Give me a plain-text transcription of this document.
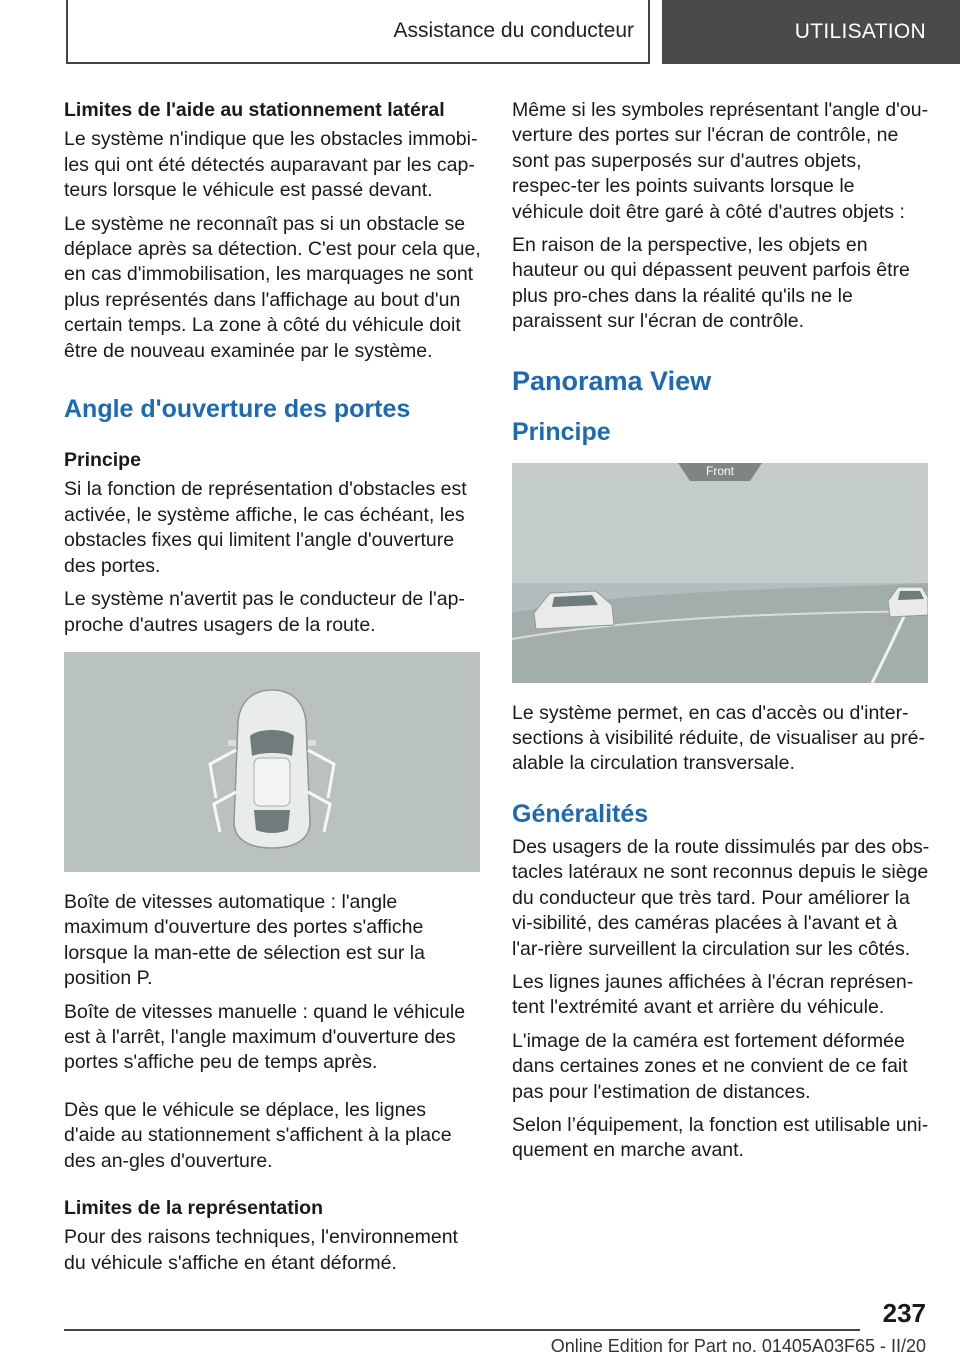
Assistance du conducteur	UTILISATION
Limites de l'aide au stationnement latéral

Le système n'indique que les obstacles immobi-les qui ont été détectés auparavant par les cap-teurs lorsque le véhicule est passé devant.

Le système ne reconnaît pas si un obstacle se déplace après sa détection. C'est pour cela que, en cas d'immobilisation, les marquages ne sont plus représentés dans l'affichage au bout d'un certain temps. La zone à côté du véhicule doit être de nouveau examinée par le système.

Angle d'ouverture des portes
Principe

Si la fonction de représentation d'obstacles est activée, le système affiche, le cas échéant, les obstacles fixes qui limitent l'angle d'ouverture des portes.

Le système n'avertit pas le conducteur de l'ap-proche d'autres usagers de la route.

Boîte de vitesses automatique : l'angle maximum d'ouverture des portes s'affiche lorsque la man-ette de sélection est sur la position P.

Boîte de vitesses manuelle : quand le véhicule est à l'arrêt, l'angle maximum d'ouverture des portes s'affiche peu de temps après.

Dès que le véhicule se déplace, les lignes d'aide au stationnement s'affichent à la place des an-gles d'ouverture.

Limites de la représentation

Pour des raisons techniques, l'environnement du véhicule s'affiche en étant déformé.

Même si les symboles représentant l'angle d'ou-verture des portes sur l'écran de contrôle, ne sont pas superposés sur d'autres objets, respec-ter les points suivants lorsque le véhicule doit être garé à côté d'autres objets :

En raison de la perspective, les objets en hauteur ou qui dépassent peuvent parfois être plus pro-ches dans la réalité qu'ils ne le paraissent sur l'écran de contrôle.

Panorama View
Principe
Front

Le système permet, en cas d'accès ou d'inter-sections à visibilité réduite, de visualiser au pré-alable la circulation transversale.

Généralités

Des usagers de la route dissimulés par des obs-tacles latéraux ne sont reconnus depuis le siège du conducteur que très tard. Pour améliorer la vi-sibilité, des caméras placées à l'avant et à l'ar-rière surveillent la circulation sur les côtés.

Les lignes jaunes affichées à l'écran représen-tent l'extrémité avant et arrière du véhicule.

L'image de la caméra est fortement déformée dans certaines zones et ne convient de ce fait pas pour l'estimation de distances.

Selon l’équipement, la fonction est utilisable uni-quement en marche avant.

237
Online Edition for Part no. 01405A03F65 - II/20
